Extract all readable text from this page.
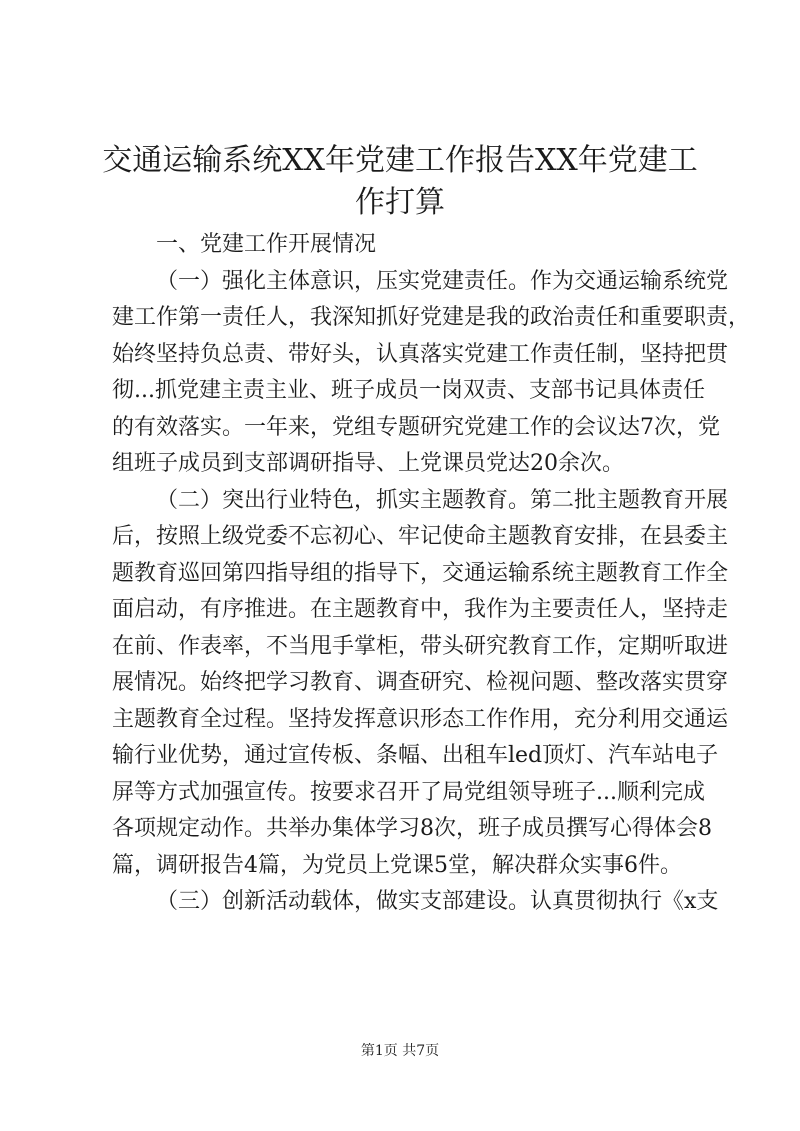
交通运输系统XX年党建工作报告XX年党建工
作打算
一、党建工作开展情况
（一）强化主体意识，压实党建责任。作为交通运输系统党
建工作第一责任人，我深知抓好党建是我的政治责任和重要职责，
始终坚持负总责、带好头，认真落实党建工作责任制，坚持把贯
彻...抓党建主责主业、班子成员一岗双责、支部书记具体责任
的有效落实。一年来，党组专题研究党建工作的会议达7次，党
组班子成员到支部调研指导、上党课员党达20余次。
（二）突出行业特色，抓实主题教育。第二批主题教育开展
后，按照上级党委不忘初心、牢记使命主题教育安排，在县委主
题教育巡回第四指导组的指导下，交通运输系统主题教育工作全
面启动，有序推进。在主题教育中，我作为主要责任人，坚持走
在前、作表率，不当甩手掌柜，带头研究教育工作，定期听取进
展情况。始终把学习教育、调查研究、检视问题、整改落实贯穿
主题教育全过程。坚持发挥意识形态工作作用，充分利用交通运
输行业优势，通过宣传板、条幅、出租车led顶灯、汽车站电子
屏等方式加强宣传。按要求召开了局党组领导班子...顺利完成
各项规定动作。共举办集体学习8次，班子成员撰写心得体会8
篇，调研报告4篇，为党员上党课5堂，解决群众实事6件。
（三）创新活动载体，做实支部建设。认真贯彻执行《x支
第1页 共7页
